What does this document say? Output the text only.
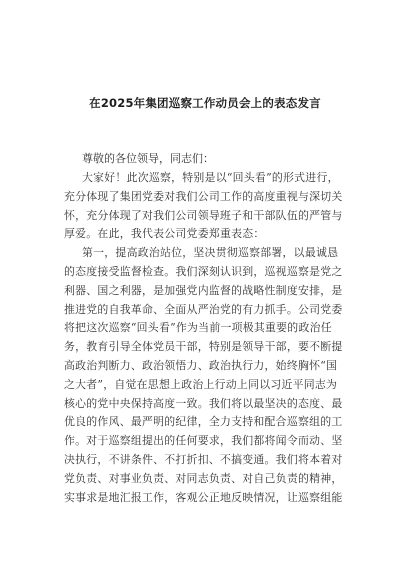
在2025年集团巡察工作动员会上的表态发言
尊敬的各位领导，同志们：
大家好！此次巡察，特别是以“回头看”的形式进行，
充分体现了集团党委对我们公司工作的高度重视与深切关
怀，充分体现了对我们公司领导班子和干部队伍的严管与
厚爱。在此，我代表公司党委郑重表态：
第一，提高政治站位，坚决贯彻巡察部署，以最诚恳
的态度接受监督检查。我们深刻认识到，巡视巡察是党之
利器、国之利器，是加强党内监督的战略性制度安排，是
推进党的自我革命、全面从严治党的有力抓手。公司党委
将把这次巡察“回头看”作为当前一项极其重要的政治任
务，教育引导全体党员干部，特别是领导干部，要不断提
高政治判断力、政治领悟力、政治执行力，始终胸怀“国
之大者”，自觉在思想上政治上行动上同以习近平同志为
核心的党中央保持高度一致。我们将以最坚决的态度、最
优良的作风、最严明的纪律，全力支持和配合巡察组的工
作。对于巡察组提出的任何要求，我们都将闻令而动、坚
决执行，不讲条件、不打折扣、不搞变通。我们将本着对
党负责、对事业负责、对同志负责、对自己负责的精神，
实事求是地汇报工作，客观公正地反映情况，让巡察组能
